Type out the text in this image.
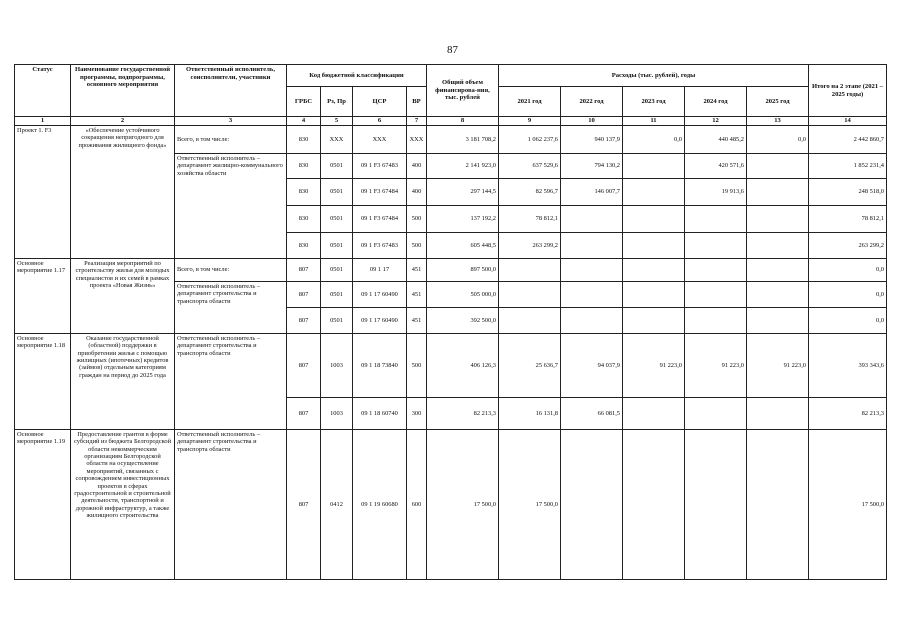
87
Статус	Наименование государственной программы, подпрограммы, основного мероприятия	Ответственный исполнитель, соисполнители, участники	Код бюджетной классификации				Общий объем финансирова-ния, тыс. рублей	Расходы (тыс. рублей), годы					Итого на 2 этапе (2021 – 2025 годы)
			ГРБС	Рз, Пр	ЦСР	ВР		2021 год	2022 год	2023 год	2024 год	2025 год	
1	2	3	4	5	6	7	8	9	10	11	12	13	14
Проект 1. F3	«Обеспечение устойчивого сокращения непригодного для проживания жилищного фонда»	Всего, в том числе:	830	XXX	XXX	XXX	3 181 708,2	1 062 237,6	940 137,9	0,0	440 485,2	0,0	2 442 860,7
		Ответственный исполнитель – департамент жилищно-коммунального хозяйства области	830	0501	09 1 F3 67483	400	2 141 923,0	637 529,6	794 130,2		420 571,6		1 852 231,4
			830	0501	09 1 F3 67484	400	297 144,5	82 596,7	146 007,7		19 913,6		248 518,0
			830	0501	09 1 F3 67484	500	137 192,2	78 812,1					78 812,1
			830	0501	09 1 F3 67483	500	605 448,5	263 299,2					263 299,2
Основное мероприятие 1.17	Реализация мероприятий по строительству жилья для молодых специалистов и их семей в рамках проекта «Новая Жизнь»	Всего, в том числе:	807	0501	09 1 17	451	897 500,0						0,0
		Ответственный исполнитель – департамент строительства и транспорта области	807	0501	09 1 17 60490	451	505 000,0						0,0
			807	0501	09 1 17 60490	451	392 500,0						0,0
Основное мероприятие 1.18	Оказание государственной (областной) поддержки в приобретении жилья с помощью жилищных (ипотечных) кредитов (займов) отдельным категориям граждан на период до 2025 года	Ответственный исполнитель – департамент строительства и транспорта области	807	1003	09 1 18 73840	500	406 126,3	25 636,7	94 037,9	91 223,0	91 223,0	91 223,0	393 343,6
			807	1003	09 1 18 60740	300	82 213,3	16 131,8	66 081,5				82 213,3
Основное мероприятие 1.19	Предоставление грантов в форме субсидий из бюджета Белгородской области некоммерческим организациям Белгородской области на осуществление мероприятий, связанных с сопровождением инвестиционных проектов в сферах градостроительной и строительной деятельности, транспортной и дорожной инфраструктур, а также жилищного строительства	Ответственный исполнитель – департамент строительства и транспорта области	807	0412	09 1 19 60680	600	17 500,0	17 500,0					17 500,0
